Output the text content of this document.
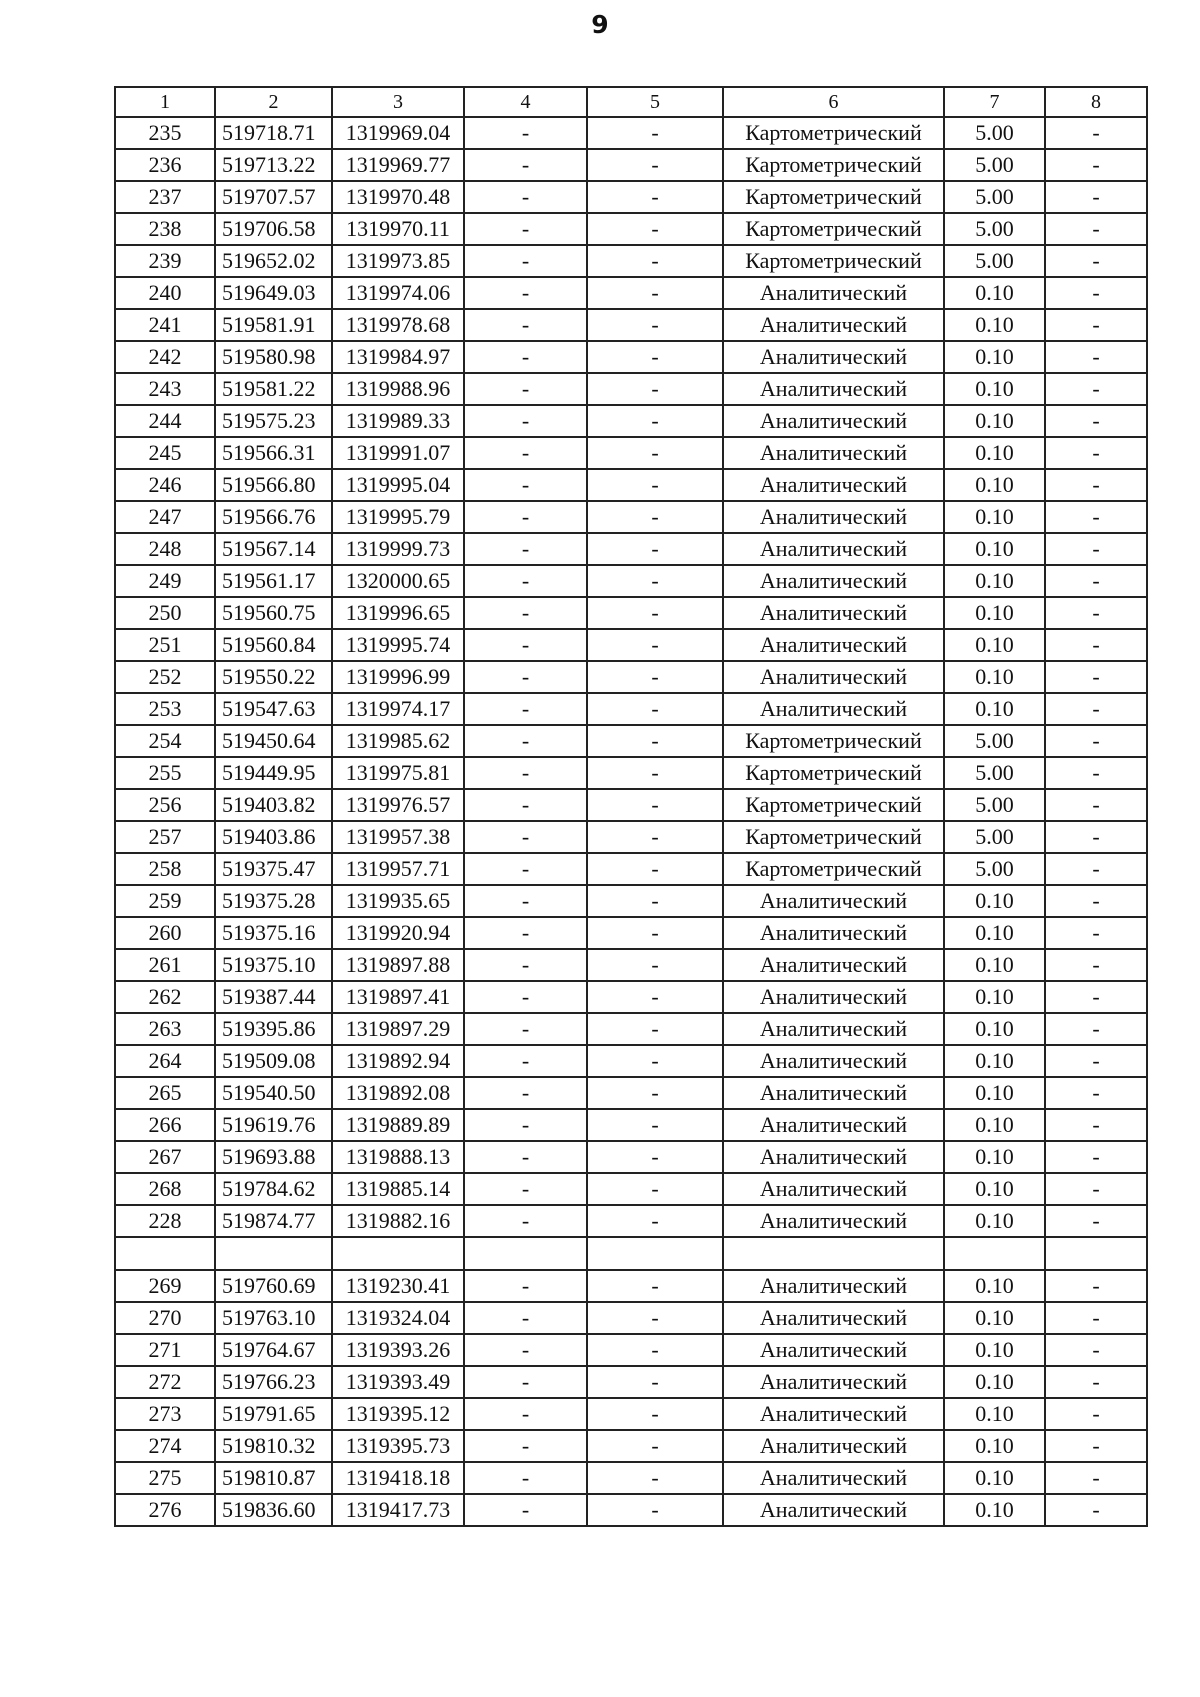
9
1	2	3	4	5	6	7	8
235	519718.71	1319969.04	-	-	Картометрический	5.00	-
236	519713.22	1319969.77	-	-	Картометрический	5.00	-
237	519707.57	1319970.48	-	-	Картометрический	5.00	-
238	519706.58	1319970.11	-	-	Картометрический	5.00	-
239	519652.02	1319973.85	-	-	Картометрический	5.00	-
240	519649.03	1319974.06	-	-	Аналитический	0.10	-
241	519581.91	1319978.68	-	-	Аналитический	0.10	-
242	519580.98	1319984.97	-	-	Аналитический	0.10	-
243	519581.22	1319988.96	-	-	Аналитический	0.10	-
244	519575.23	1319989.33	-	-	Аналитический	0.10	-
245	519566.31	1319991.07	-	-	Аналитический	0.10	-
246	519566.80	1319995.04	-	-	Аналитический	0.10	-
247	519566.76	1319995.79	-	-	Аналитический	0.10	-
248	519567.14	1319999.73	-	-	Аналитический	0.10	-
249	519561.17	1320000.65	-	-	Аналитический	0.10	-
250	519560.75	1319996.65	-	-	Аналитический	0.10	-
251	519560.84	1319995.74	-	-	Аналитический	0.10	-
252	519550.22	1319996.99	-	-	Аналитический	0.10	-
253	519547.63	1319974.17	-	-	Аналитический	0.10	-
254	519450.64	1319985.62	-	-	Картометрический	5.00	-
255	519449.95	1319975.81	-	-	Картометрический	5.00	-
256	519403.82	1319976.57	-	-	Картометрический	5.00	-
257	519403.86	1319957.38	-	-	Картометрический	5.00	-
258	519375.47	1319957.71	-	-	Картометрический	5.00	-
259	519375.28	1319935.65	-	-	Аналитический	0.10	-
260	519375.16	1319920.94	-	-	Аналитический	0.10	-
261	519375.10	1319897.88	-	-	Аналитический	0.10	-
262	519387.44	1319897.41	-	-	Аналитический	0.10	-
263	519395.86	1319897.29	-	-	Аналитический	0.10	-
264	519509.08	1319892.94	-	-	Аналитический	0.10	-
265	519540.50	1319892.08	-	-	Аналитический	0.10	-
266	519619.76	1319889.89	-	-	Аналитический	0.10	-
267	519693.88	1319888.13	-	-	Аналитический	0.10	-
268	519784.62	1319885.14	-	-	Аналитический	0.10	-
228	519874.77	1319882.16	-	-	Аналитический	0.10	-

269	519760.69	1319230.41	-	-	Аналитический	0.10	-
270	519763.10	1319324.04	-	-	Аналитический	0.10	-
271	519764.67	1319393.26	-	-	Аналитический	0.10	-
272	519766.23	1319393.49	-	-	Аналитический	0.10	-
273	519791.65	1319395.12	-	-	Аналитический	0.10	-
274	519810.32	1319395.73	-	-	Аналитический	0.10	-
275	519810.87	1319418.18	-	-	Аналитический	0.10	-
276	519836.60	1319417.73	-	-	Аналитический	0.10	-
